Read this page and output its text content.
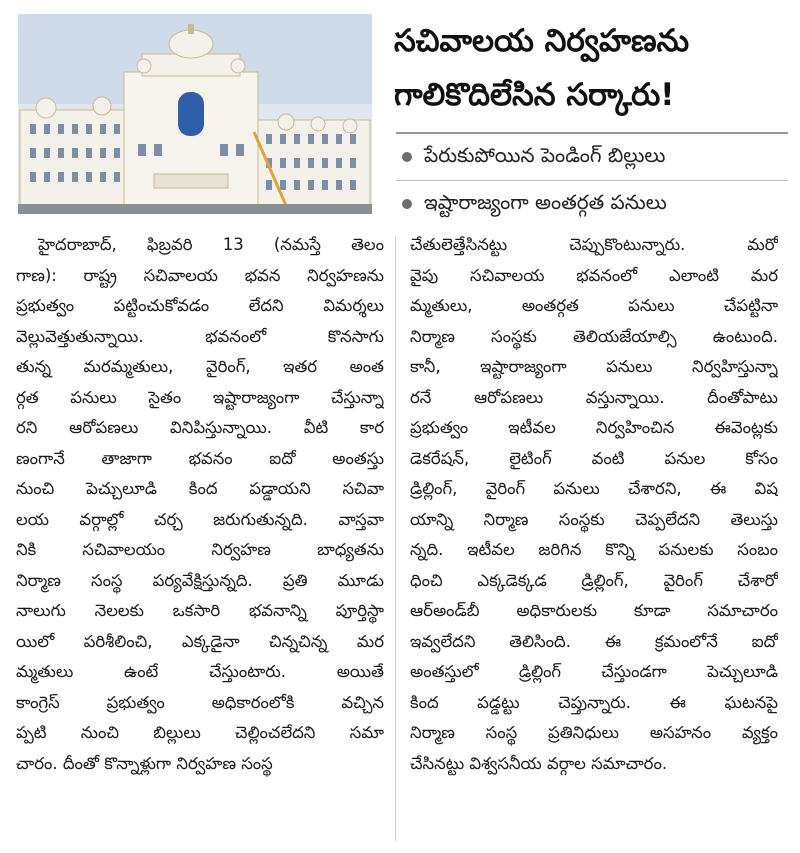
సచివాలయ నిర్వహణను
గాలికొదిలేసిన సర్కారు!
పేరుకుపోయిన పెండింగ్ బిల్లులు
ఇష్టారాజ్యంగా అంతర్గత పనులు
హైదరాబాద్, ఫిబ్రవరి 13 (నమస్తే తెలం
గాణ): రాష్ట్ర సచివాలయ భవన నిర్వహణను
ప్రభుత్వం పట్టించుకోవడం లేదని విమర్శలు
వెల్లువెత్తుతున్నాయి. భవనంలో కొనసాగు
తున్న మరమ్మతులు, వైరింగ్, ఇతర అంత
ర్గత పనులు సైతం ఇష్టారాజ్యంగా చేస్తున్నా
రని ఆరోపణలు వినిపిస్తున్నాయి. వీటి కార
ణంగానే తాజాగా భవనం ఐదో అంతస్తు
నుంచి పెచ్చులూడి కింద పడ్డాయని సచివా
లయ వర్గాల్లో చర్చ జరుగుతున్నది. వాస్తవా
నికి సచివాలయం నిర్వహణ బాధ్యతను
నిర్మాణ సంస్థ పర్యవేక్షిస్తున్నది. ప్రతి మూడు
నాలుగు నెలలకు ఒకసారి భవనాన్ని పూర్తిస్థా
యిలో పరిశీలించి, ఎక్కడైనా చిన్నచిన్న మర
మ్మతులు ఉంటే చేస్తుంటారు. అయితే
కాంగ్రెస్ ప్రభుత్వం అధికారంలోకి వచ్చిన
ప్పటి నుంచి బిల్లులు చెల్లించలేదని సమా
చారం. దీంతో కొన్నాళ్లుగా నిర్వహణ సంస్థ
చేతులెత్తేసినట్టు చెప్పుకొంటున్నారు. మరో
వైపు సచివాలయ భవనంలో ఎలాంటి మర
మ్మతులు, అంతర్గత పనులు చేపట్టినా
నిర్మాణ సంస్థకు తెలియజేయాల్సి ఉంటుంది.
కానీ, ఇష్టారాజ్యంగా పనులు నిర్వహిస్తున్నా
రనే ఆరోపణలు వస్తున్నాయి. దీంతోపాటు
ప్రభుత్వం ఇటీవల నిర్వహించిన ఈవెంట్లకు
డెకరేషన్, లైటింగ్ వంటి పనుల కోసం
డ్రిల్లింగ్, వైరింగ్ పనులు చేశారని, ఈ విష
యాన్ని నిర్మాణ సంస్థకు చెప్పలేదని తెలుస్తు
న్నది. ఇటీవల జరిగిన కొన్ని పనులకు సంబం
ధించి ఎక్కడెక్కడ డ్రిల్లింగ్, వైరింగ్ చేశారో
ఆర్అండ్‌బీ అధికారులకు కూడా సమాచారం
ఇవ్వలేదని తెలిసింది. ఈ క్రమంలోనే ఐదో
అంతస్తులో డ్రిల్లింగ్ చేస్తుండగా పెచ్చులూడి
కింద పడ్డట్టు చెప్తున్నారు. ఈ ఘటనపై
నిర్మాణ సంస్థ ప్రతినిధులు అసహనం వ్యక్తం
చేసినట్టు విశ్వసనీయ వర్గాల సమాచారం.
